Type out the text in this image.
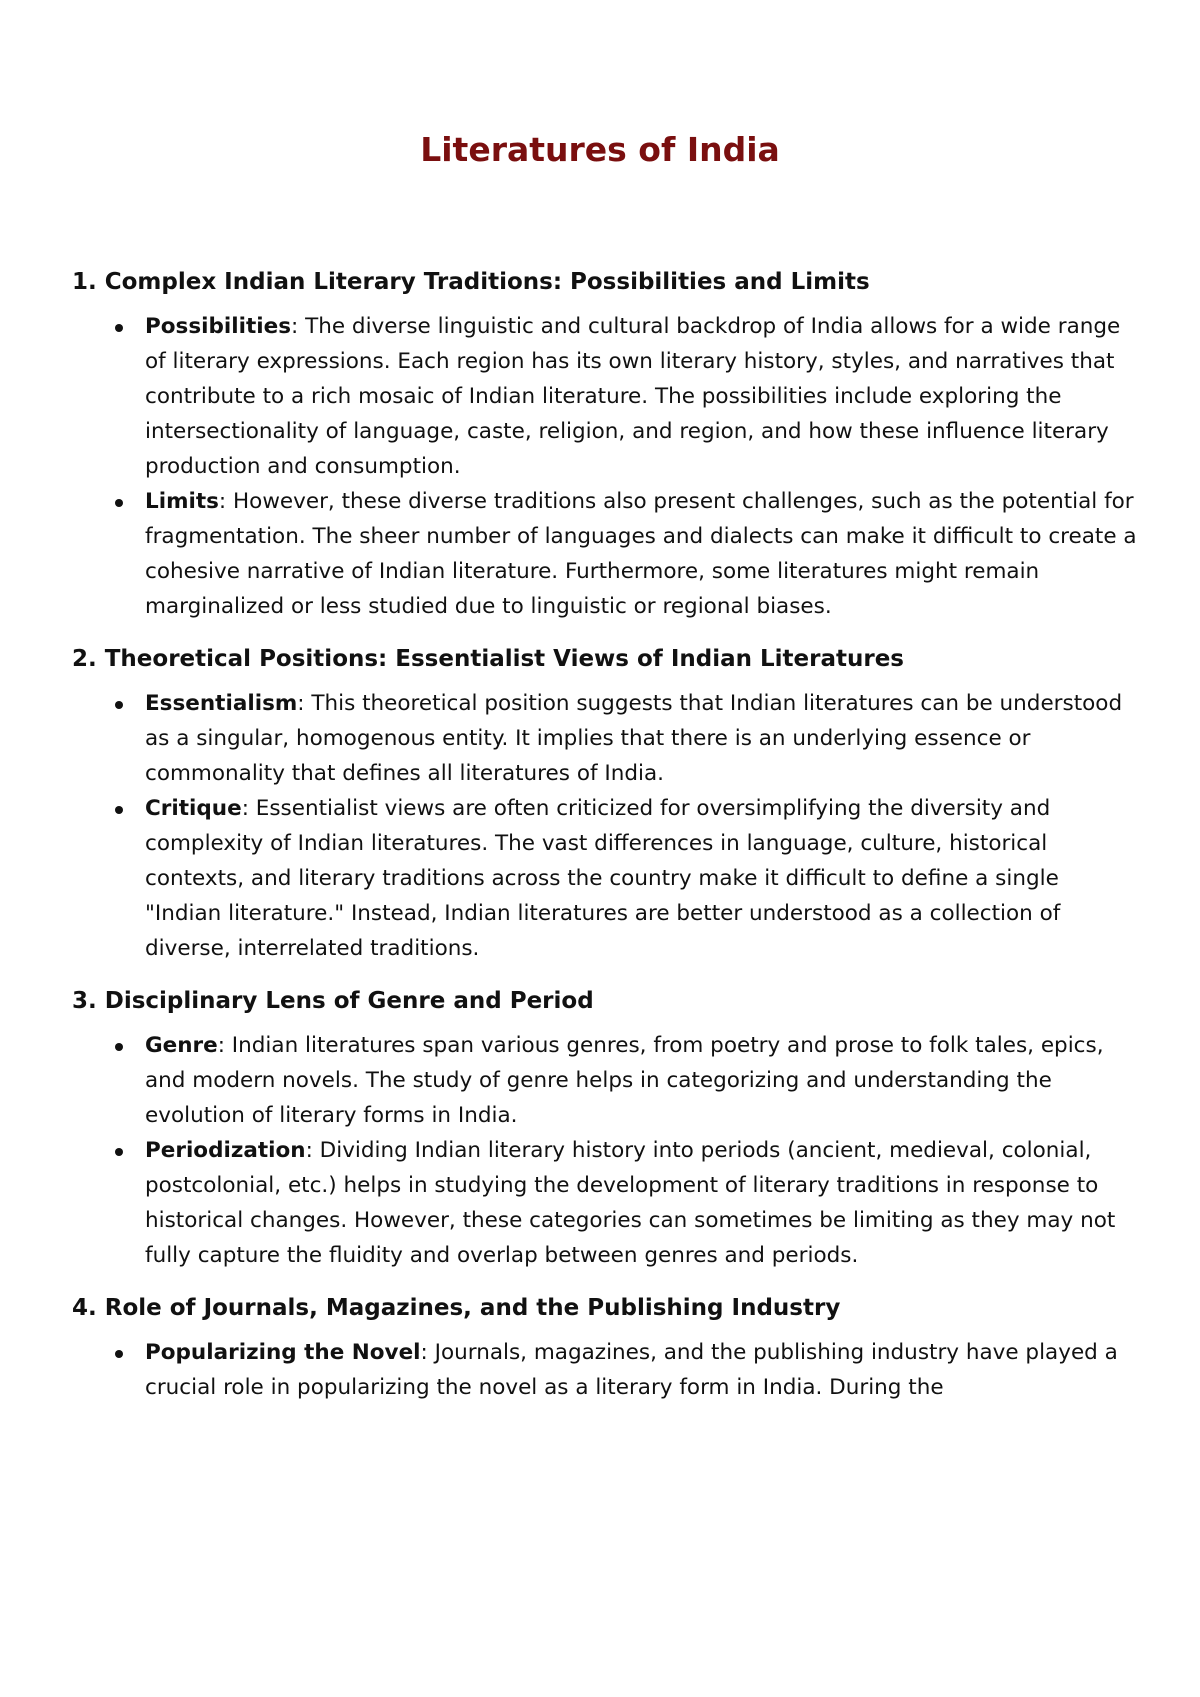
Literatures of India
1. Complex Indian Literary Traditions: Possibilities and Limits
Possibilities: The diverse linguistic and cultural backdrop of India allows for a wide range of literary expressions. Each region has its own literary history, styles, and narratives that contribute to a rich mosaic of Indian literature. The possibilities include exploring the intersectionality of language, caste, religion, and region, and how these influence literary production and consumption.
Limits: However, these diverse traditions also present challenges, such as the potential for fragmentation. The sheer number of languages and dialects can make it difficult to create a cohesive narrative of Indian literature. Furthermore, some literatures might remain marginalized or less studied due to linguistic or regional biases.
2. Theoretical Positions: Essentialist Views of Indian Literatures
Essentialism: This theoretical position suggests that Indian literatures can be understood as a singular, homogenous entity. It implies that there is an underlying essence or commonality that defines all literatures of India.
Critique: Essentialist views are often criticized for oversimplifying the diversity and complexity of Indian literatures. The vast differences in language, culture, historical contexts, and literary traditions across the country make it difficult to define a single "Indian literature." Instead, Indian literatures are better understood as a collection of diverse, interrelated traditions.
3. Disciplinary Lens of Genre and Period
Genre: Indian literatures span various genres, from poetry and prose to folk tales, epics, and modern novels. The study of genre helps in categorizing and understanding the evolution of literary forms in India.
Periodization: Dividing Indian literary history into periods (ancient, medieval, colonial, postcolonial, etc.) helps in studying the development of literary traditions in response to historical changes. However, these categories can sometimes be limiting as they may not fully capture the fluidity and overlap between genres and periods.
4. Role of Journals, Magazines, and the Publishing Industry
Popularizing the Novel: Journals, magazines, and the publishing industry have played a crucial role in popularizing the novel as a literary form in India. During the
